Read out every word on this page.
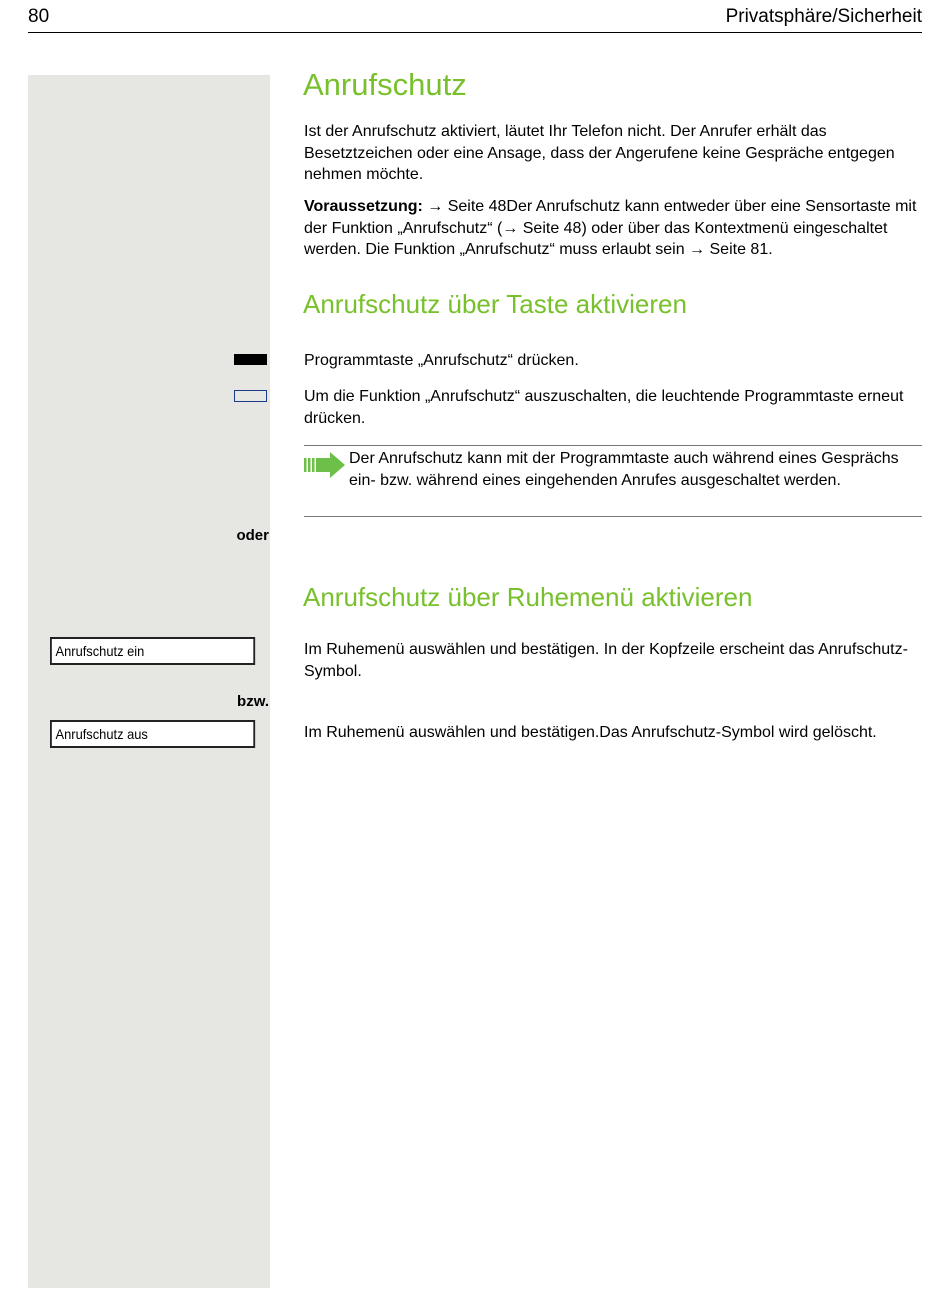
80	Privatsphäre/Sicherheit
Anrufschutz

Ist der Anrufschutz aktiviert, läutet Ihr Telefon nicht. Der Anrufer erhält das Besetztzeichen oder eine Ansage, dass der Angerufene keine Gespräche entgegen nehmen möchte.

Voraussetzung: → Seite 48Der Anrufschutz kann entweder über eine Sensortaste mit der Funktion „Anrufschutz“ (→ Seite 48) oder über das Kontextmenü eingeschaltet werden. Die Funktion „Anrufschutz“ muss erlaubt sein → Seite 81.

Anrufschutz über Taste aktivieren

Programmtaste „Anrufschutz“ drücken.

Um die Funktion „Anrufschutz“ auszuschalten, die leuchtende Programmtaste erneut drücken.

Der Anrufschutz kann mit der Programmtaste auch während eines Gesprächs ein- bzw. während eines eingehenden Anrufes ausgeschaltet werden.

oder
Anrufschutz über Ruhemenü aktivieren
Anrufschutz ein	Im Ruhemenü auswählen und bestätigen. In der Kopfzeile erscheint das Anrufschutz-Symbol.

bzw.
Anrufschutz aus	Im Ruhemenü auswählen und bestätigen.Das Anrufschutz-Symbol wird gelöscht.
